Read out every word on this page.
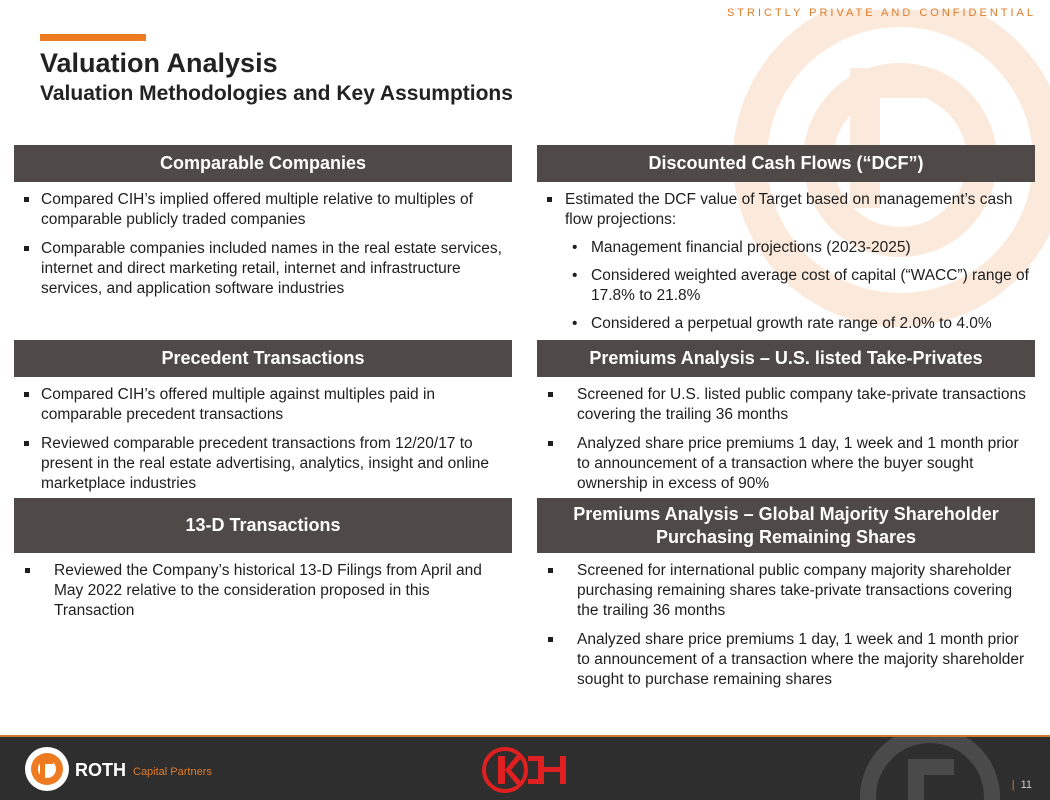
STRICTLY PRIVATE AND CONFIDENTIAL
Valuation Analysis
Valuation Methodologies and Key Assumptions
Comparable Companies
Compared CIH’s implied offered multiple relative to multiples of comparable publicly traded companies
Comparable companies included names in the real estate services, internet and direct marketing retail, internet and infrastructure services, and application software industries
Discounted Cash Flows (“DCF”)
Estimated the DCF value of Target based on management’s cash flow projections:
• Management financial projections (2023-2025)
• Considered weighted average cost of capital (“WACC”) range of 17.8% to 21.8%
• Considered a perpetual growth rate range of 2.0% to 4.0%
Precedent Transactions
Compared CIH’s offered multiple against multiples paid in comparable precedent transactions
Reviewed comparable precedent transactions from 12/20/17 to present in the real estate advertising, analytics, insight and online marketplace industries
Premiums Analysis – U.S. listed Take-Privates
Screened for U.S. listed public company take-private transactions covering the trailing 36 months
Analyzed share price premiums 1 day, 1 week and 1 month prior to announcement of a transaction where the buyer sought ownership in excess of 90%
13-D Transactions
Reviewed the Company’s historical 13-D Filings from April and May 2022 relative to the consideration proposed in this Transaction
Premiums Analysis – Global Majority Shareholder
Purchasing Remaining Shares
Screened for international public company majority shareholder purchasing remaining shares take-private transactions covering the trailing 36 months
Analyzed share price premiums 1 day, 1 week and 1 month prior to announcement of a transaction where the majority shareholder sought to purchase remaining shares
ROTH Capital Partners
| 11
